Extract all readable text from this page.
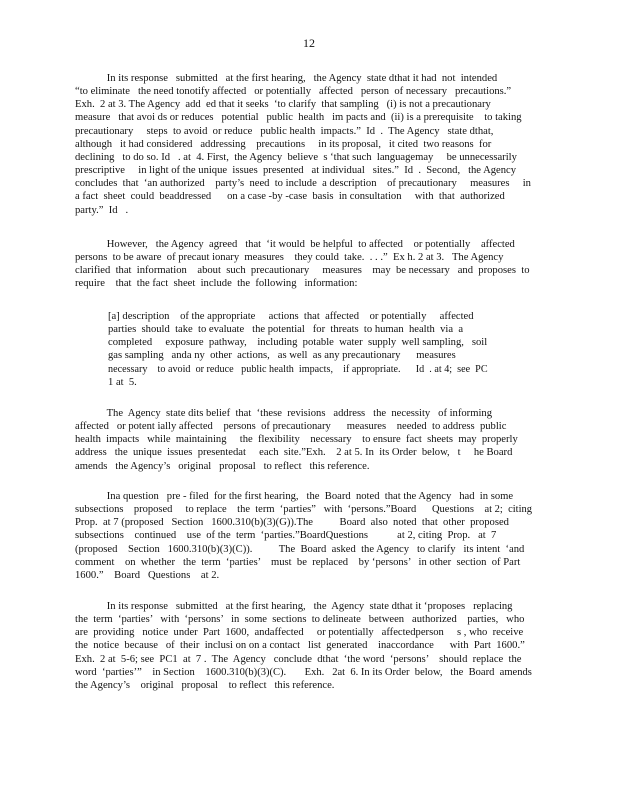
12
In its response   submitted   at the first hearing,   the Agency  state dthat it had  not  intended
“to eliminate   the need tonotify affected   or potentially   affected   person  of necessary   precautions.”
Exh.  2 at 3. The Agency  add  ed that it seeks  ‘to clarify  that sampling   (i) is not a precautionary
measure   that avoi ds or reduces   potential   public  health   im pacts and  (ii) is a prerequisite    to taking
precautionary     steps  to avoid  or reduce   public health  impacts.”  Id  .  The Agency   state dthat,
although   it had considered   addressing    precautions     in its proposal,   it cited  two reasons  for
declining   to do so. Id   . at  4. First,  the Agency  believe  s ‘that such  languagemay     be unnecessarily
prescriptive     in light of the unique  issues  presented   at individual   sites.”  Id  .  Second,   the Agency
concludes  that  ‘an authorized    party’s  need  to include  a description    of precautionary     measures     in
a fact  sheet  could  beaddressed      on a case -by -case  basis  in consultation     with  that  authorized
party.”  Id   .
However,   the Agency  agreed   that  ‘it would  be helpful  to affected    or potentially    affected
persons  to be aware  of precaut ionary  measures    they could  take.  . . .”  Ex h. 2 at 3.   The Agency
clarified  that  information    about  such  precautionary     measures    may  be necessary   and  proposes  to
require    that  the fact  sheet  include  the  following   information:
[a] description    of the appropriate     actions  that  affected    or potentially     affected
parties  should  take  to evaluate   the potential   for  threats  to human  health  via  a
completed     exposure  pathway,    including  potable  water  supply  well sampling,   soil
gas sampling   anda ny  other  actions,   as well  as any precautionary      measures
necessary    to avoid  or reduce   public health  impacts,    if appropriate.      Id  . at 4;  see  PC
1 at  5.
The  Agency  state dits belief  that  ‘these  revisions   address   the  necessity   of informing
affected   or potent ially affected    persons  of precautionary      measures    needed  to address  public
health  impacts   while  maintaining     the  flexibility    necessary    to ensure  fact  sheets  may  properly
address   the  unique  issues  presentedat     each  site.”Exh.    2 at 5. In  its Order  below,   t     he Board
amends   the Agency’s   original   proposal   to reflect   this reference.
Ina question   pre - filed  for the first hearing,   the  Board  noted  that the Agency   had  in some
subsections    proposed     to replace    the  term  ‘parties”   with  ‘persons.”Board      Questions    at 2;  citing
Prop.  at 7 (proposed   Section   1600.310(b)(3)(G)).The          Board  also  noted  that  other  proposed
subsections    continued    use  of the  term  ‘parties.”BoardQuestions           at 2, citing  Prop.   at  7
(proposed    Section   1600.310(b)(3)(C)).          The  Board  asked  the Agency   to clarify   its intent  ‘and
comment    on  whether   the  term  ‘parties’    must  be  replaced    by ‘persons’   in other  section  of Part
1600.”    Board   Questions    at 2.
In its response   submitted   at the first hearing,   the  Agency  state dthat it ‘proposes   replacing
the  term  ‘parties’   with  ‘persons’   in  some  sections  to delineate   between   authorized    parties,   who
are  providing   notice  under  Part  1600,  andaffected     or potentially   affectedperson     s , who  receive
the  notice  because   of  their  inclusi on on a contact   list  generated    inaccordance      with  Part  1600.”
Exh.  2 at  5-6; see  PC1  at  7 .  The  Agency   conclude  dthat  ‘the word  ‘persons’    should  replace  the
word  ‘parties’”    in Section    1600.310(b)(3)(C).       Exh.   2at  6. In its Order  below,   the  Board  amends
the Agency’s    original   proposal    to reflect   this reference.
